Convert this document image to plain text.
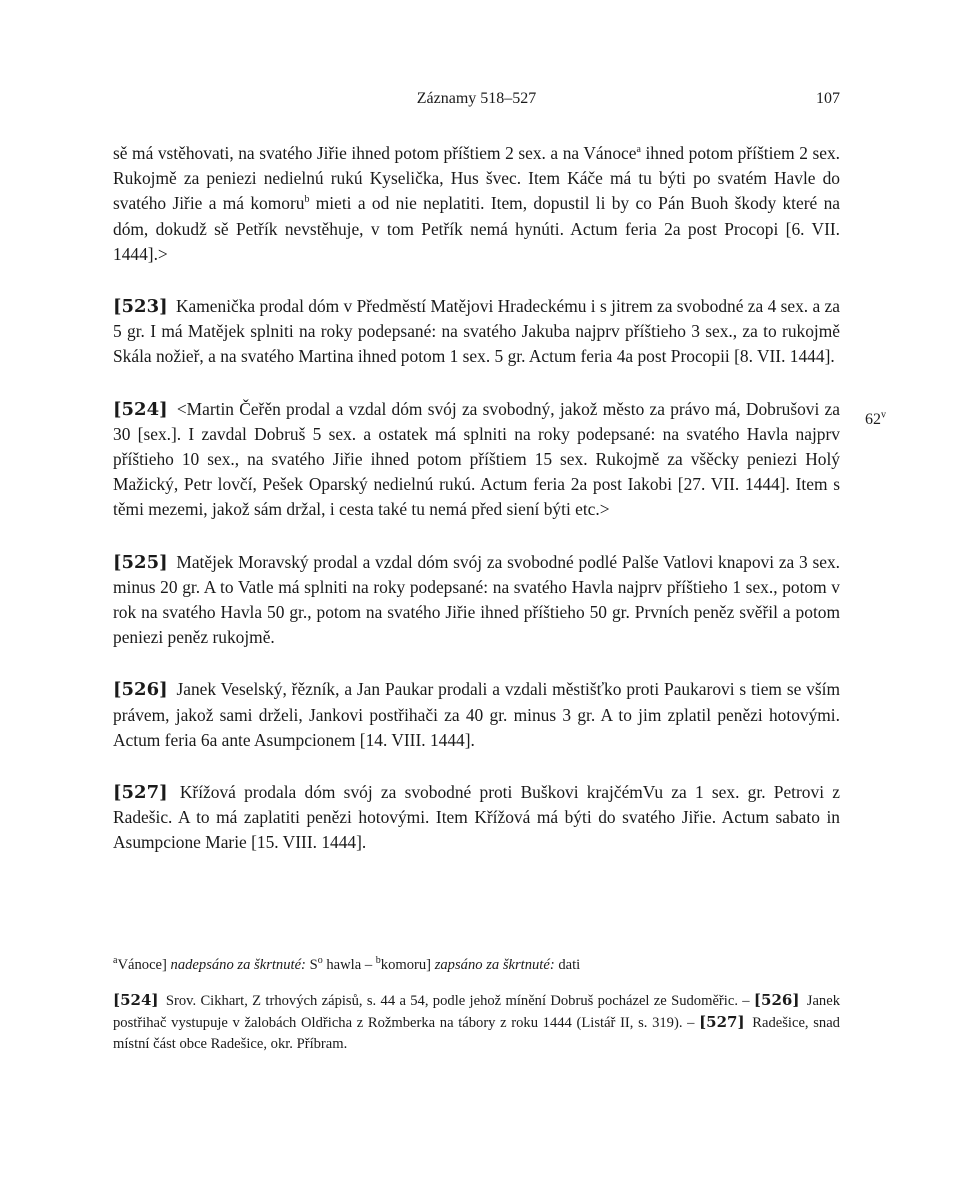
Záznamy 518–527	107
62$^v$

sě má vstěhovati, na svatého Jiřie ihned potom příštiem 2 sex. a na Vánoce$^a$ ihned potom příštiem 2 sex. Rukojmě za peniezi nedielnú rukú Kyselička, Hus švec. Item Káče má tu býti po svatém Havle do svatého Jiřie a má komoru$^b$ mieti a od nie neplatiti. Item, dopustil li by co Pán Buoh škody které na dóm, dokudž sě Petřík nevstěhuje, v tom Petřík nemá hynúti. Actum feria 2a post Procopi [6. VII. 1444].>

[523] Kamenička prodal dóm v Předměstí Matějovi Hradeckému i s jitrem za svobodné za 4 sex. a za 5 gr. I má Matějek splniti na roky podepsané: na svatého Jakuba najprv příštieho 3 sex., za to rukojmě Skála nožieř, a na svatého Martina ihned potom 1 sex. 5 gr. Actum feria 4a post Procopii [8. VII. 1444].

[524] <Martin Čeřěn prodal a vzdal dóm svój za svobodný, jakož město za právo má, Dobrušovi za 30 [sex.]. I zavdal Dobruš 5 sex. a ostatek má splniti na roky podepsané: na svatého Havla najprv příštieho 10 sex., na svatého Jiřie ihned potom příštiem 15 sex. Rukojmě za všěcky peniezi Holý Mažický, Petr lovčí, Pešek Oparský nedielnú rukú. Actum feria 2a post Iakobi [27. VII. 1444]. Item s těmi mezemi, jakož sám držal, i cesta také tu nemá před siení býti etc.>

[525] Matějek Moravský prodal a vzdal dóm svój za svobodné podlé Palše Vatlovi knapovi za 3 sex. minus 20 gr. A to Vatle má splniti na roky podepsané: na svatého Havla najprv příštieho 1 sex., potom v rok na svatého Havla 50 gr., potom na svatého Jiřie ihned příštieho 50 gr. Prvních peněz svěřil a potom peniezi peněz rukojmě.

[526] Janek Veselský, řězník, a Jan Paukar prodali a vzdali městišťko proti Paukarovi s tiem se vším právem, jakož sami drželi, Jankovi postřihači za 40 gr. minus 3 gr. A to jim zplatil penězi hotovými. Actum feria 6a ante Asumpcionem [14. VIII. 1444].

[527] Křížová prodala dóm svój za svobodné proti Buškovi krajčémVu za 1 sex. gr. Petrovi z Radešic. A to má zaplatiti penězi hotovými. Item Křížová má býti do svatého Jiřie. Actum sabato in Asumpcione Marie [15. VIII. 1444].

$^a$Vánoce] nadepsáno za škrtnuté: $S^o$ hawla – $^b$komoru] zapsáno za škrtnuté: dati

[524] Srov. Cikhart, Z trhových zápisů, s. 44 a 54, podle jehož mínění Dobruš pocházel ze Sudoměřic. – [526] Janek postřihač vystupuje v žalobách Oldřicha z Rožmberka na tábory z roku 1444 (Listář II, s. 319). – [527] Radešice, snad místní část obce Radešice, okr. Příbram.
